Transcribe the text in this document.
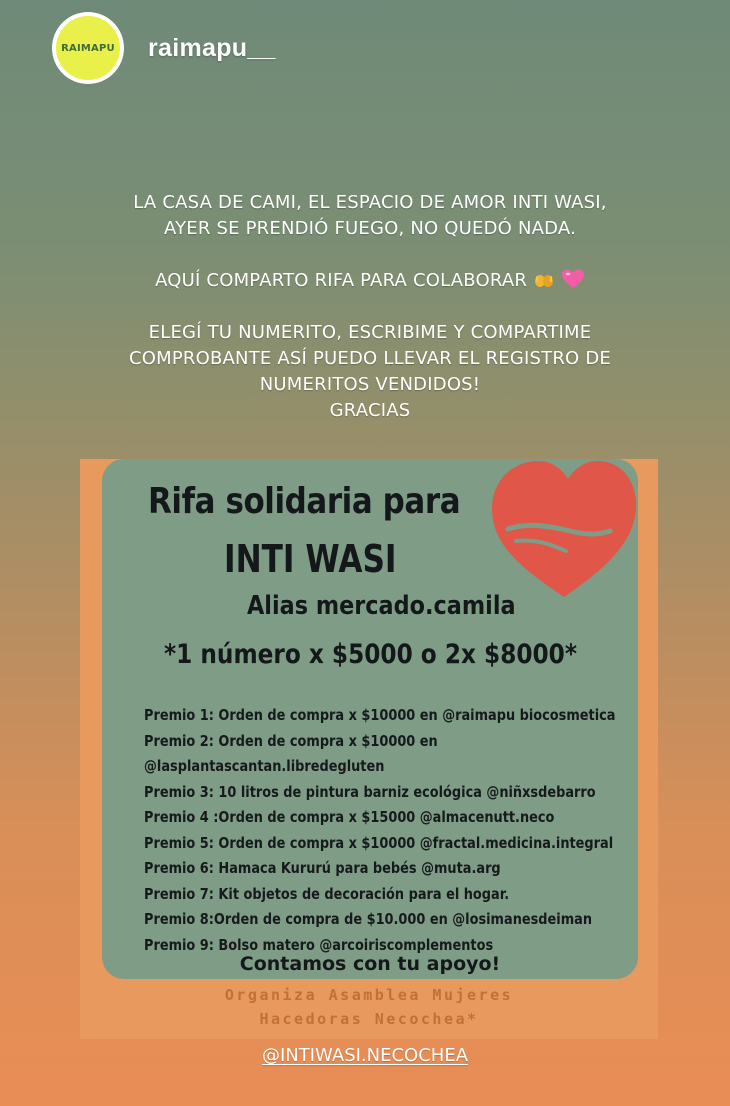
RAIMAPU raimapu__

LA CASA DE CAMI, EL ESPACIO DE AMOR INTI WASI,

AYER SE PRENDIÓ FUEGO, NO QUEDÓ NADA.

AQUÍ COMPARTO RIFA PARA COLABORAR

ELEGÍ TU NUMERITO, ESCRIBIME Y COMPARTIME

COMPROBANTE ASÍ PUEDO LLEVAR EL REGISTRO DE

NUMERITOS VENDIDOS!

GRACIAS

Rifa solidaria para
INTI WASI
Alias mercado.camila
*1 número x $5000 o 2x $8000*
Premio 1: Orden de compra x $10000 en @raimapu biocosmetica
Premio 2: Orden de compra x $10000 en
@lasplantascantan.libredegluten
Premio 3: 10 litros de pintura barniz ecológica @niñxsdebarro
Premio 4 :Orden de compra x $15000 @almacenutt.neco
Premio 5: Orden de compra x $10000 @fractal.medicina.integral
Premio 6: Hamaca Kururú para bebés @muta.arg
Premio 7: Kit objetos de decoración para el hogar.
Premio 8:Orden de compra de $10.000 en @losimanesdeiman
Premio 9: Bolso matero @arcoiriscomplementos
Contamos con tu apoyo!
Organiza Asamblea Mujeres
Hacedoras Necochea*
@INTIWASI.NECOCHEA
